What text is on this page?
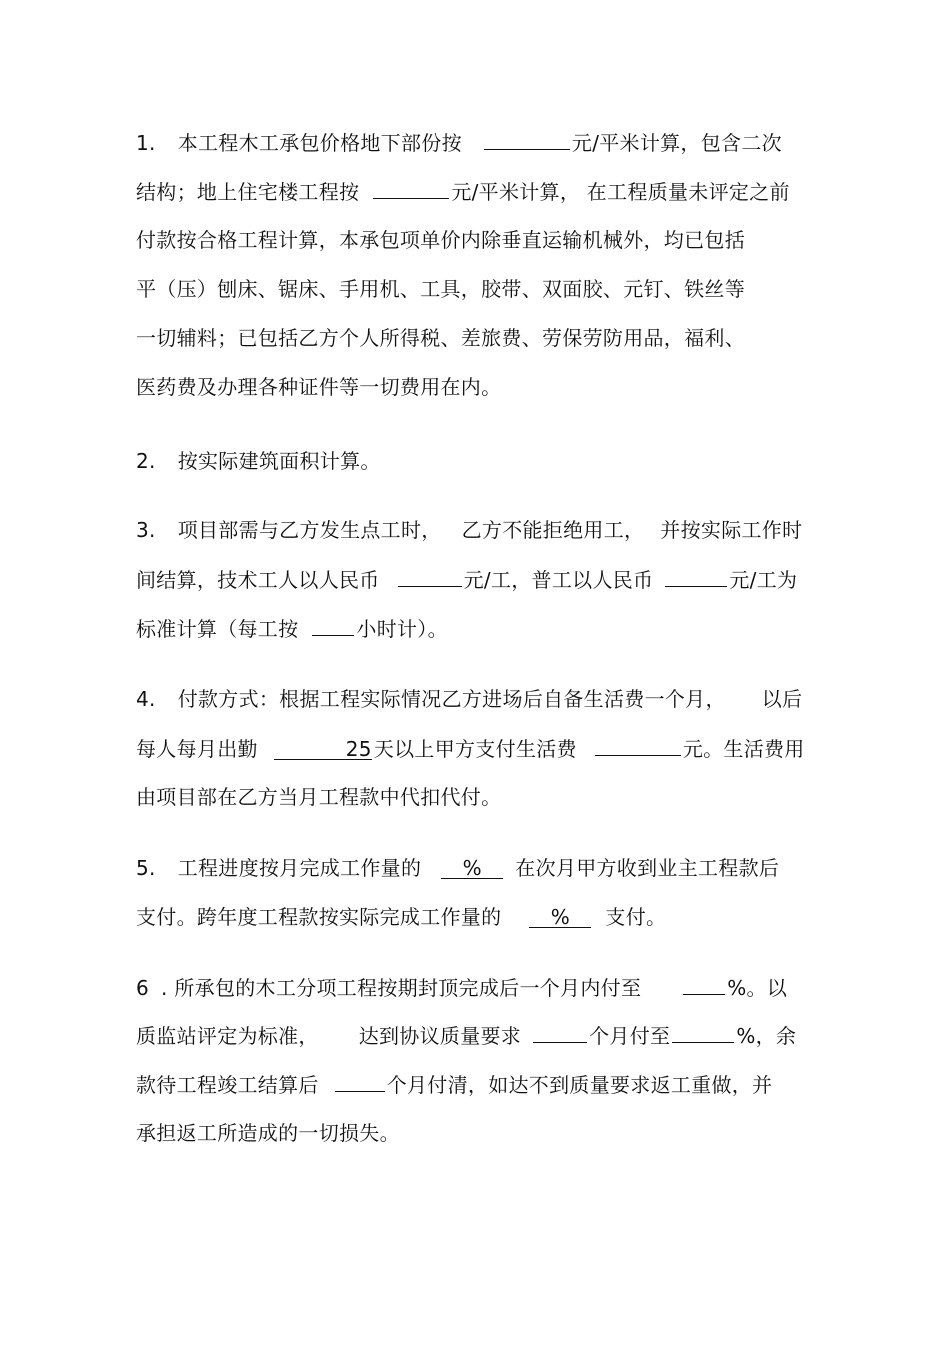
1. 本工程木工承包价格地下部份按	元/平米计算，包含二次
结构；地上住宅楼工程按	元/平米计算， 在工程质量未评定之前
付款按合格工程计算，本承包项单价内除垂直运输机械外，均已包括
平（压）刨床、锯床、手用机、工具，胶带、双面胶、元钉、铁丝等
一切辅料；已包括乙方个人所得税、差旅费、劳保劳防用品，福利、
医药费及办理各种证件等一切费用在内。
2. 按实际建筑面积计算。
3. 项目部需与乙方发生点工时， 乙方不能拒绝用工， 并按实际工作时
间结算，技术工人以人民币	元/工，普工以人民币	元/工为
标准计算（每工按	小时计）。
4. 付款方式：根据工程实际情况乙方进场后自备生活费一个月， 以后
每人每月出勤	25 天以上甲方支付生活费	元。生活费用
由项目部在乙方当月工程款中代扣代付。
5. 工程进度按月完成工作量的 % 在次月甲方收到业主工程款后
支付。跨年度工程款按实际完成工作量的 % 支付。
6 . 所承包的木工分项工程按期封顶完成后一个月内付至	%。以
质监站评定为标准， 达到协议质量要求	个月付至	%，余
款待工程竣工结算后	个月付清，如达不到质量要求返工重做，并
承担返工所造成的一切损失。
